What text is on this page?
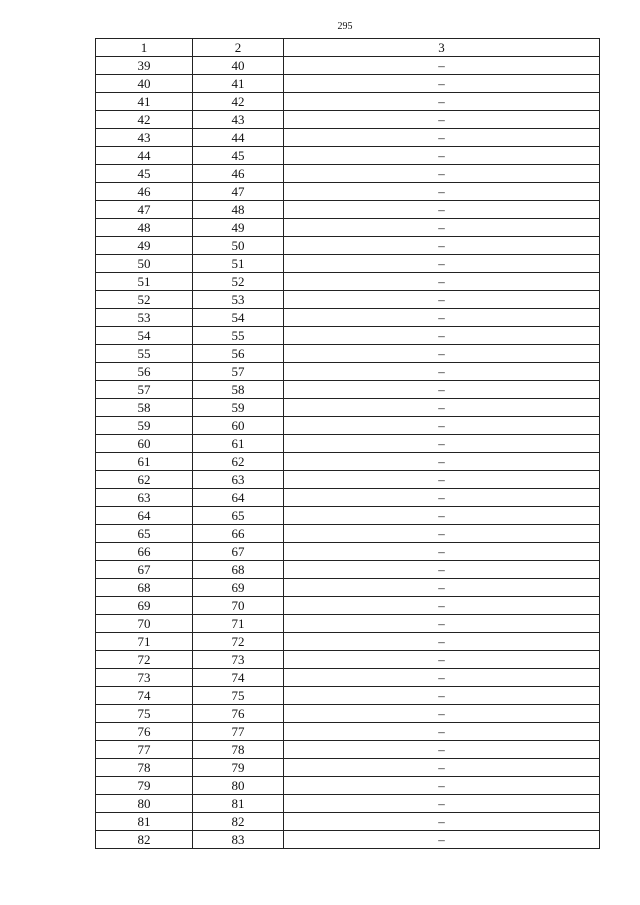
295
1	2	3
39	40	–
40	41	–
41	42	–
42	43	–
43	44	–
44	45	–
45	46	–
46	47	–
47	48	–
48	49	–
49	50	–
50	51	–
51	52	–
52	53	–
53	54	–
54	55	–
55	56	–
56	57	–
57	58	–
58	59	–
59	60	–
60	61	–
61	62	–
62	63	–
63	64	–
64	65	–
65	66	–
66	67	–
67	68	–
68	69	–
69	70	–
70	71	–
71	72	–
72	73	–
73	74	–
74	75	–
75	76	–
76	77	–
77	78	–
78	79	–
79	80	–
80	81	–
81	82	–
82	83	–
